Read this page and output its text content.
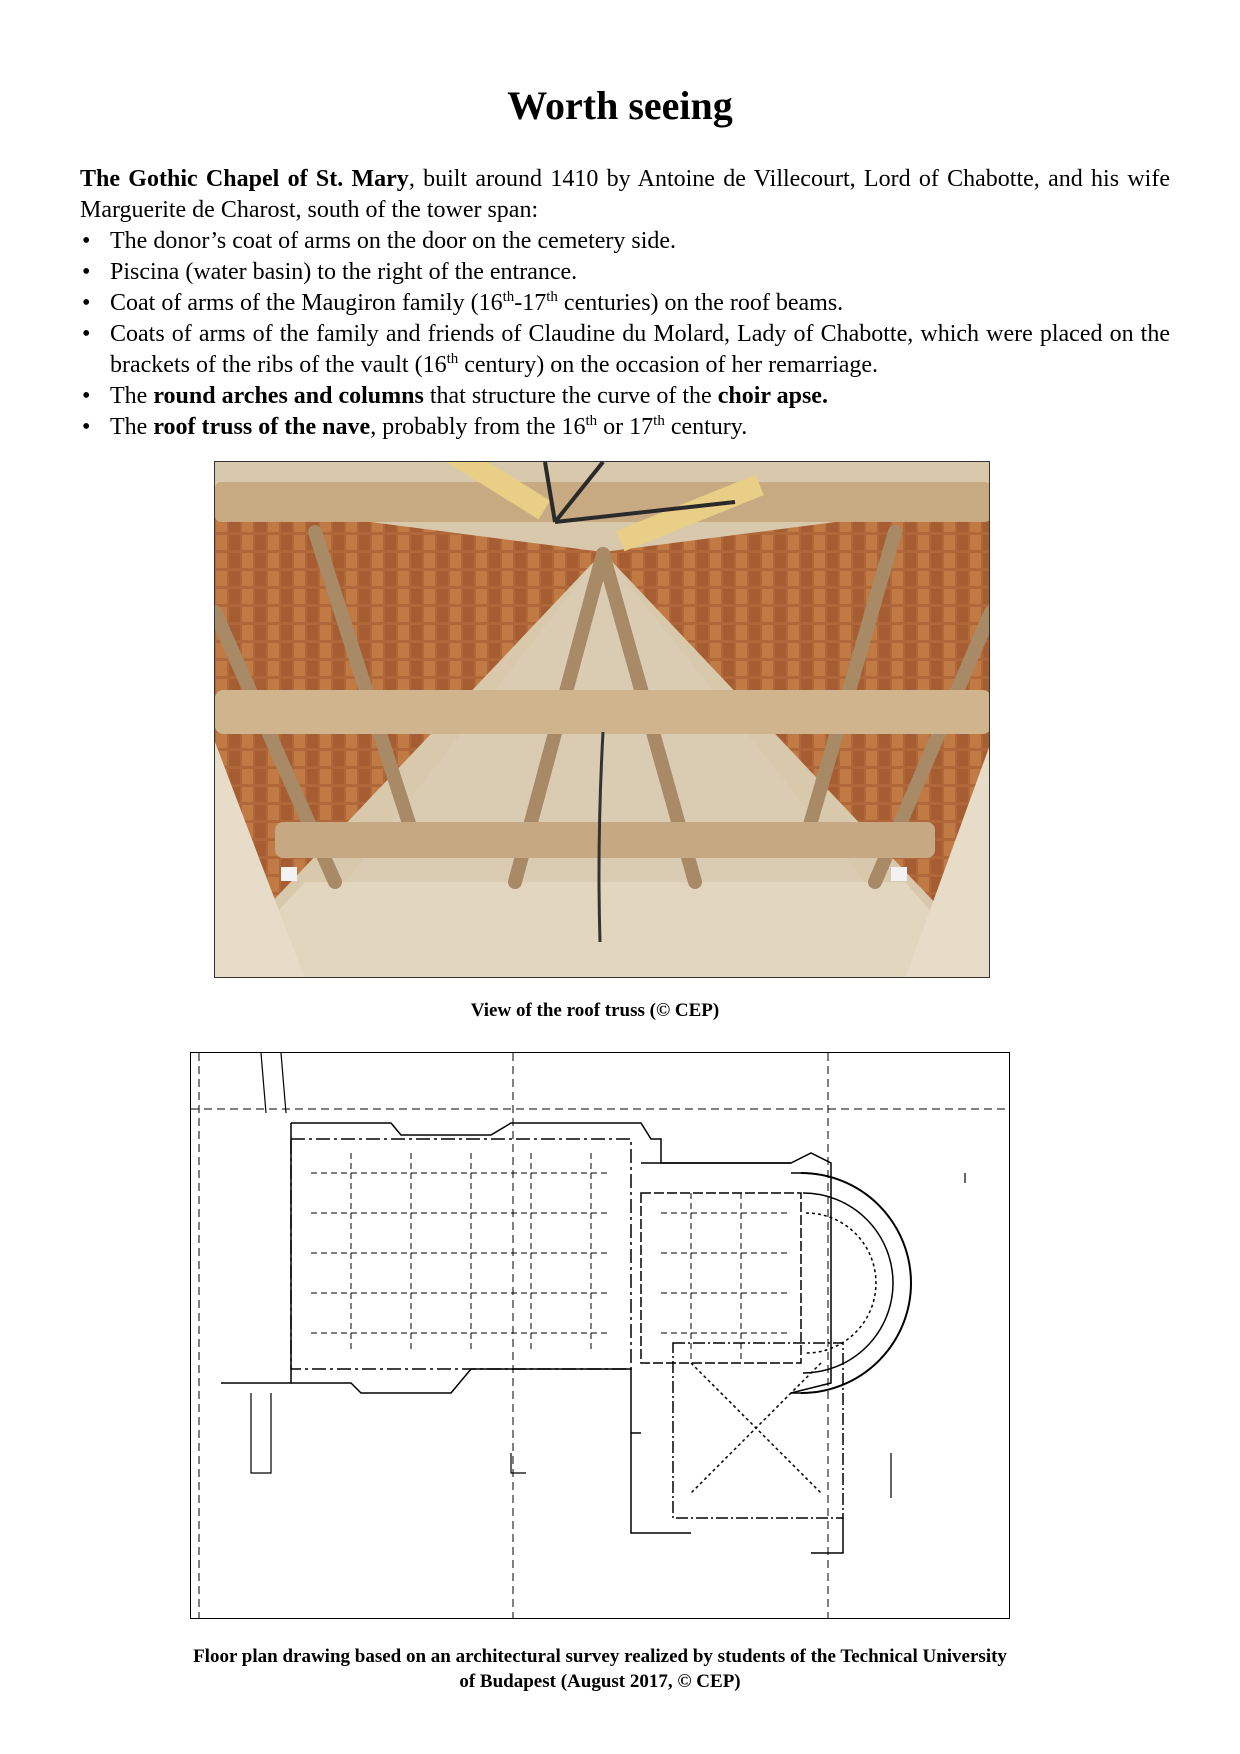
Worth seeing

The Gothic Chapel of St. Mary, built around 1410 by Antoine de Villecourt, Lord of Chabotte, and his wife Marguerite de Charost, south of the tower span:

• The donor’s coat of arms on the door on the cemetery side.
• Piscina (water basin) to the right of the entrance.
• Coat of arms of the Maugiron family (16th-17th centuries) on the roof beams.
• Coats of arms of the family and friends of Claudine du Molard, Lady of Chabotte, which were placed on the brackets of the ribs of the vault (16th century) on the occasion of her remarriage.
• The round arches and columns that structure the curve of the choir apse.
• The roof truss of the nave, probably from the 16th or 17th century.
View of the roof truss (© CEP)
Floor plan drawing based on an architectural survey realized by students of the Technical University
of Budapest (August 2017, © CEP)
